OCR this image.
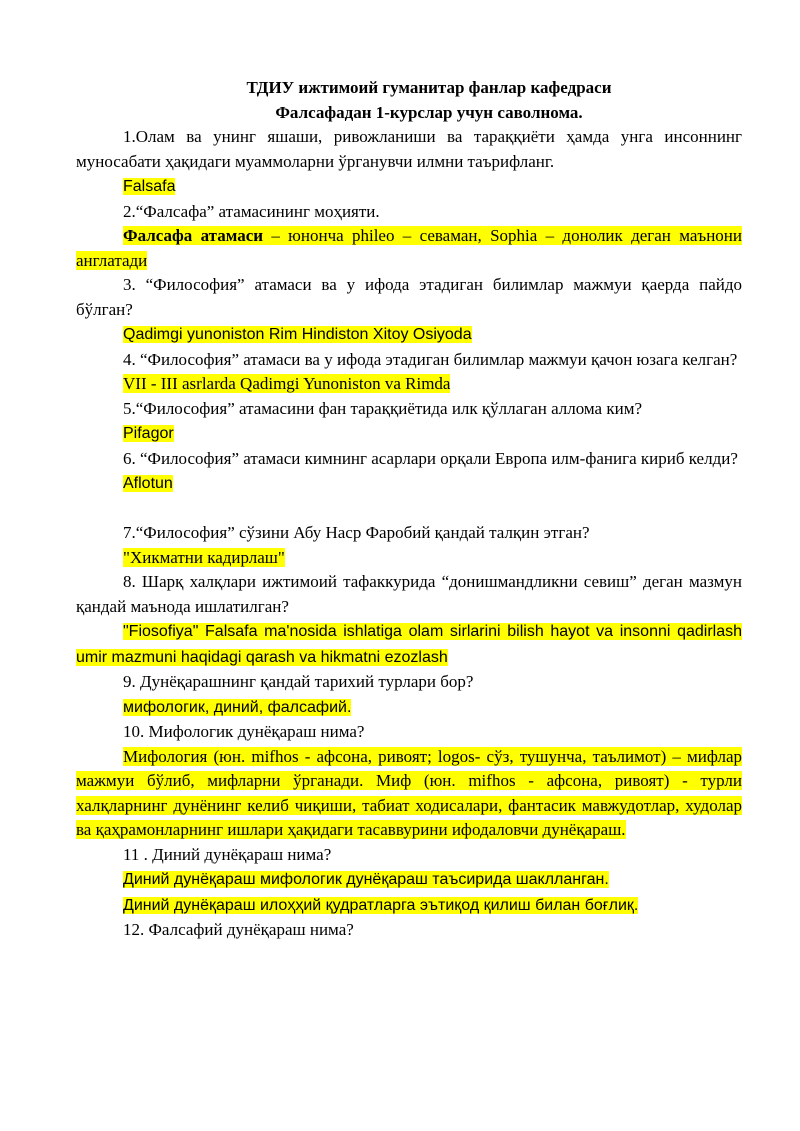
ТДИУ ижтимоий гуманитар фанлар кафедраси

Фалсафадан 1-курслар учун саволнома.

1.Олам ва унинг яшаши, ривожланиши ва тараққиёти ҳамда унга инсоннинг муносабати ҳақидаги муаммоларни ўрганувчи илмни таърифланг.

Falsafa

2.“Фалсафа” атамасининг моҳияти.

Фалсафа атамаси – юнонча phileo – севаман, Sophia – донолик деган маънони англатади

3. “Философия” атамаси ва у ифода этадиган билимлар мажмуи қаерда пайдо бўлган?

Qadimgi yunoniston Rim Hindiston Xitoy Osiyoda

4. “Философия” атамаси ва у ифода этадиган билимлар мажмуи қачон юзага келган?

VII - III asrlarda Qadimgi Yunoniston va Rimda

5.“Философия” атамасини фан тараққиётида илк қўллаган аллома ким?

Pifagor

6. “Философия” атамаси кимнинг асарлари орқали Европа илм-фанига кириб келди?

Aflotun

7.“Философия” сўзини Абу Наср Фаробий қандай талқин этган?

"Хикматни кадирлаш"

8. Шарқ халқлари ижтимоий тафаккурида “донишмандликни севиш” деган мазмун қандай маънода ишлатилган?

"Fiosofiya" Falsafa ma'nosida ishlatiga olam sirlarini bilish hayot va insonni qadirlash umir mazmuni haqidagi qarash va hikmatni ezozlash

9. Дунёқарашнинг қандай тарихий турлари бор?

мифологик, диний, фалсафий.

10. Мифологик дунёқараш нима?

Мифология (юн. mifhos - афсона, ривоят; logos- сўз, тушунча, таълимот) – мифлар мажмуи бўлиб, мифларни ўрганади. Миф (юн. mifhos - афсона, ривоят) - турли халқларнинг дунёнинг келиб чиқиши, табиат ходисалари, фантасик мавжудотлар, худолар ва қаҳрамонларнинг ишлари ҳақидаги тасаввурини ифодаловчи дунёқараш.

11 . Диний дунёқараш нима?

Диний дунёқараш мифологик дунёқараш таъсирида шаклланган.

Диний дунёқараш илоҳҳий қудратларга эътиқод қилиш билан боғлиқ.

12. Фалсафий дунёқараш нима?
